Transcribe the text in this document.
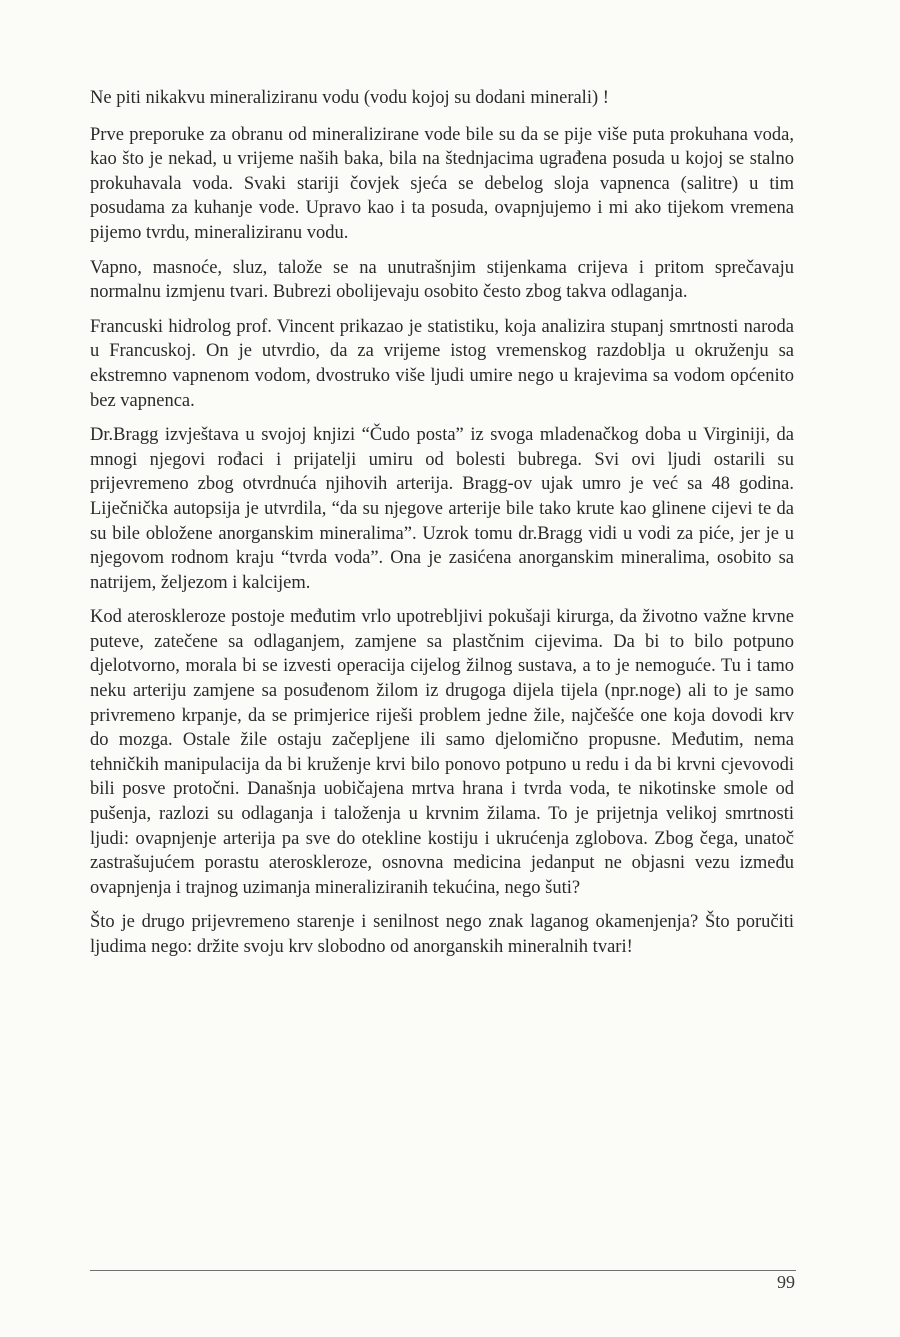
Ne piti nikakvu mineraliziranu vodu (vodu kojoj su dodani minerali) !

Prve preporuke za obranu od mineralizirane vode bile su da se pije više puta prokuhana voda, kao što je nekad, u vrijeme naših baka, bila na štednjacima ugrađena posuda u kojoj se stalno prokuhavala voda. Svaki stariji čovjek sjeća se debelog sloja vapnenca (salitre) u tim posudama za kuhanje vode. Upravo kao i ta posuda, ovapnjujemo i mi ako tijekom vremena pijemo tvrdu, mineraliziranu vodu.

Vapno, masnoće, sluz, taložе se na unutrašnjim stijenkama crijeva i pritom sprečavaju normalnu izmjenu tvari. Bubrezi obolijevaju osobito često zbog takva odlaganja.

Francuski hidrolog prof. Vincent prikazao je statistiku, koja analizira stupanj smrtnosti naroda u Francuskoj. On je utvrdio, da za vrijeme istog vremenskog razdoblja u okruženju sa ekstremno vapnenom vodom, dvostruko više ljudi umire nego u krajevima sa vodom općenito bez vapnenca.

Dr.Bragg izvještava u svojoj knjizi “Čudo posta” iz svoga mladenačkog doba u Virginiji, da mnogi njegovi rođaci i prijatelji umiru od bolesti bubrega. Svi ovi ljudi ostarili su prijevremeno zbog otvrdnuća njihovih arterija. Bragg-ov ujak umro je već sa 48 godina. Liječnička autopsija je utvrdila, “da su njegove arterije bile tako krute kao glinene cijevi te da su bile obložene anorganskim mineralima”. Uzrok tomu dr.Bragg vidi u vodi za piće, jer je u njegovom rodnom kraju “tvrda voda”. Ona je zasićena anorganskim mineralima, osobito sa natrijem, željezom i kalcijem.

Kod ateroskleroze postoje međutim vrlo upotrebljivi pokušaji kirurga, da životno važne krvne puteve, zatečene sa odlaganjem, zamjene sa plastčnim cijevima. Da bi to bilo potpuno djelotvorno, morala bi se izvesti operacija cijelog žilnog sustava, a to je nemoguće. Tu i tamo neku arteriju zamjene sa posuđenom žilom iz drugoga dijela tijela (npr.noge) ali to je samo privremeno krpanje, da se primjerice riješi problem jedne žile, najčešće one koja dovodi krv do mozga. Ostale žile ostaju začepljene ili samo djelomično propusne. Međutim, nema tehničkih manipulacija da bi kruženje krvi bilo ponovo potpuno u redu i da bi krvni cjevovodi bili posve protočni. Današnja uobičajena mrtva hrana i tvrda voda, te nikotinske smole od pušenja, razlozi su odlaganja i taloženja u krvnim žilama. To je prijetnja velikoj smrtnosti ljudi: ovapnjenje arterija pa sve do otekline kostiju i ukrućenja zglobova. Zbog čega, unatoč zastrašujućem porastu ateroskleroze, osnovna medicina jedanput ne objasni vezu između ovapnjenja i trajnog uzimanja mineraliziranih tekućina, nego šuti?

Što je drugo prijevremeno starenje i senilnost nego znak laganog okamenjenja? Što poručiti ljudima nego: držite svoju krv slobodno od anorganskih mineralnih tvari!

99
